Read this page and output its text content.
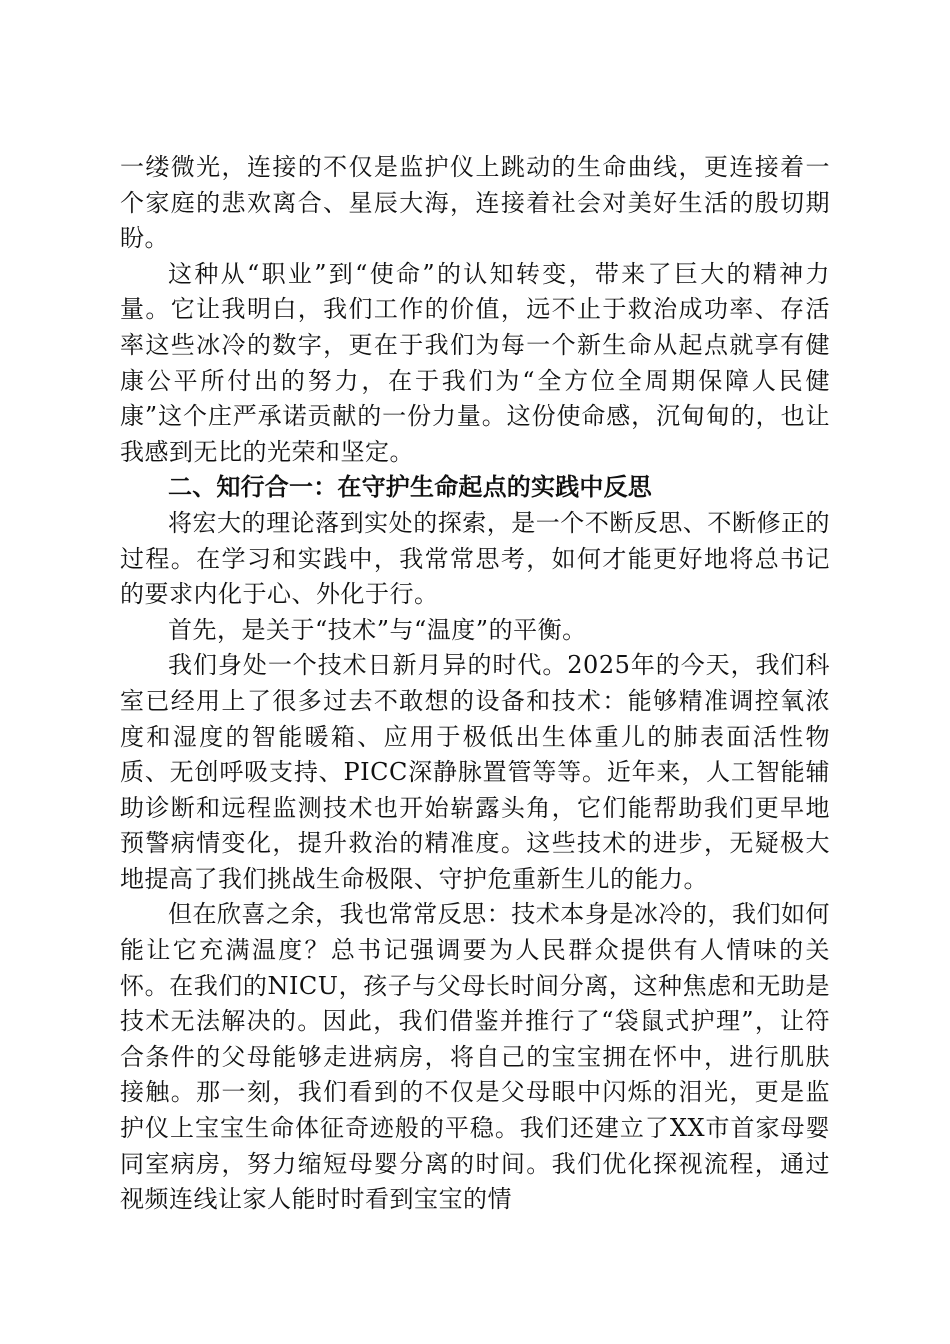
一缕微光，连接的不仅是监护仪上跳动的生命曲线，更连接着一个家庭的悲欢离合、星辰大海，连接着社会对美好生活的殷切期盼。

这种从“职业”到“使命”的认知转变，带来了巨大的精神力量。它让我明白，我们工作的价值，远不止于救治成功率、存活率这些冰冷的数字，更在于我们为每一个新生命从起点就享有健康公平所付出的努力，在于我们为“全方位全周期保障人民健康”这个庄严承诺贡献的一份力量。这份使命感，沉甸甸的，也让我感到无比的光荣和坚定。

二、知行合一：在守护生命起点的实践中反思

将宏大的理论落到实处的探索，是一个不断反思、不断修正的过程。在学习和实践中，我常常思考，如何才能更好地将总书记的要求内化于心、外化于行。

首先，是关于“技术”与“温度”的平衡。

我们身处一个技术日新月异的时代。2025年的今天，我们科室已经用上了很多过去不敢想的设备和技术：能够精准调控氧浓度和湿度的智能暖箱、应用于极低出生体重儿的肺表面活性物质、无创呼吸支持、PICC深静脉置管等等。近年来，人工智能辅助诊断和远程监测技术也开始崭露头角，它们能帮助我们更早地预警病情变化，提升救治的精准度。这些技术的进步，无疑极大地提高了我们挑战生命极限、守护危重新生儿的能力。

但在欣喜之余，我也常常反思：技术本身是冰冷的，我们如何能让它充满温度？总书记强调要为人民群众提供有人情味的关怀。在我们的NICU，孩子与父母长时间分离，这种焦虑和无助是技术无法解决的。因此，我们借鉴并推行了“袋鼠式护理”，让符合条件的父母能够走进病房，将自己的宝宝拥在怀中，进行肌肤接触。那一刻，我们看到的不仅是父母眼中闪烁的泪光，更是监护仪上宝宝生命体征奇迹般的平稳。我们还建立了XX市首家母婴同室病房，努力缩短母婴分离的时间。我们优化探视流程，通过视频连线让家人能时时看到宝宝的情
